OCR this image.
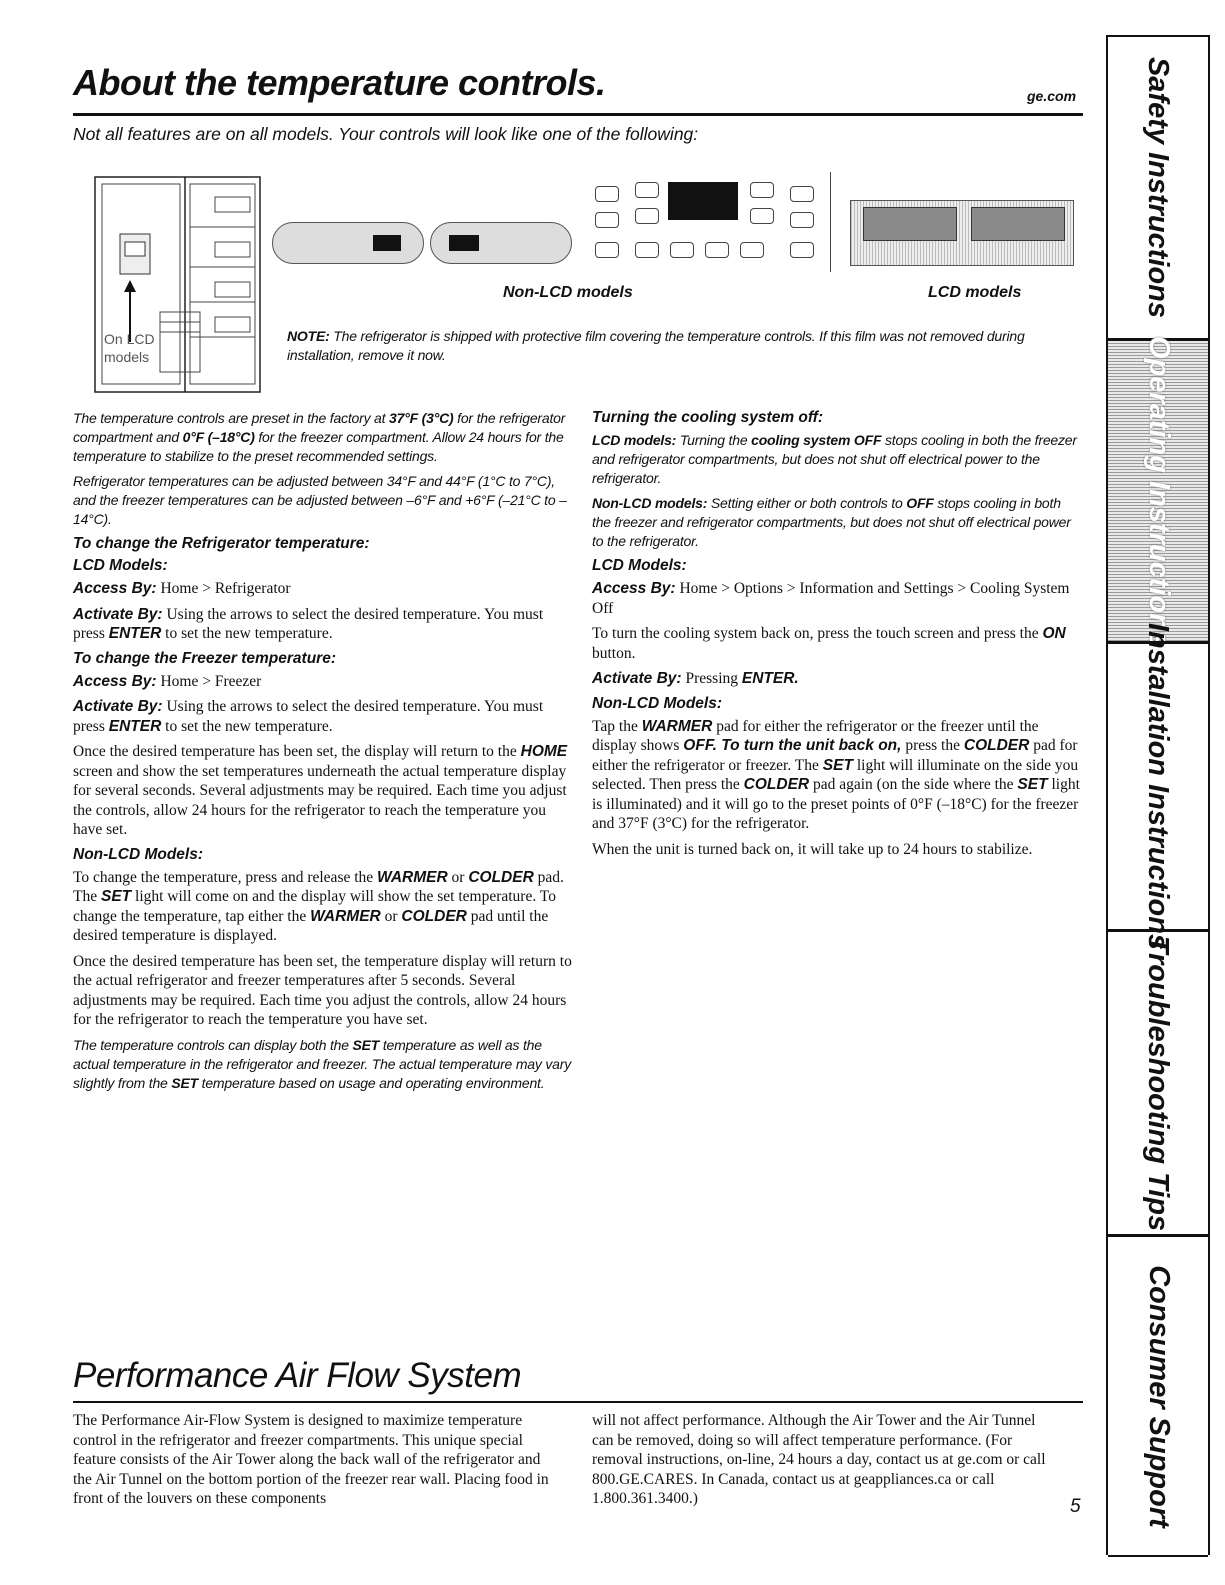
About the temperature controls.	ge.com
Not all features are on all models. Your controls will look like one of the following:
On LCD
models
Non-LCD models	LCD models
NOTE: The refrigerator is shipped with protective film covering the temperature controls. If this film was not removed during installation, remove it now.

The temperature controls are preset in the factory at 37°F (3°C) for the refrigerator compartment and 0°F (–18°C) for the freezer compartment. Allow 24 hours for the temperature to stabilize to the preset recommended settings.

Refrigerator temperatures can be adjusted between 34°F and 44°F (1°C to 7°C), and the freezer temperatures can be adjusted between –6°F and +6°F (–21°C to –14°C).

To change the Refrigerator temperature:
LCD Models:

Access By: Home > Refrigerator

Activate By: Using the arrows to select the desired temperature. You must press ENTER to set the new temperature.

To change the Freezer temperature:

Access By: Home > Freezer

Activate By: Using the arrows to select the desired temperature. You must press ENTER to set the new temperature.

Once the desired temperature has been set, the display will return to the HOME screen and show the set temperatures underneath the actual temperature display for several seconds. Several adjustments may be required. Each time you adjust the controls, allow 24 hours for the refrigerator to reach the temperature you have set.

Non-LCD Models:

To change the temperature, press and release the WARMER or COLDER pad. The SET light will come on and the display will show the set temperature. To change the temperature, tap either the WARMER or COLDER pad until the desired temperature is displayed.

Once the desired temperature has been set, the temperature display will return to the actual refrigerator and freezer temperatures after 5 seconds. Several adjustments may be required. Each time you adjust the controls, allow 24 hours for the refrigerator to reach the temperature you have set.

The temperature controls can display both the SET temperature as well as the actual temperature in the refrigerator and freezer. The actual temperature may vary slightly from the SET temperature based on usage and operating environment.

Turning the cooling system off:

LCD models: Turning the cooling system OFF stops cooling in both the freezer and refrigerator compartments, but does not shut off electrical power to the refrigerator.

Non-LCD models: Setting either or both controls to OFF stops cooling in both the freezer and refrigerator compartments, but does not shut off electrical power to the refrigerator.

LCD Models:

Access By: Home > Options > Information and Settings > Cooling System Off

To turn the cooling system back on, press the touch screen and press the ON button.

Activate By: Pressing ENTER.

Non-LCD Models:

Tap the WARMER pad for either the refrigerator or the freezer until the display shows OFF. To turn the unit back on, press the COLDER pad for either the refrigerator or freezer. The SET light will illuminate on the side you selected. Then press the COLDER pad again (on the side where the SET light is illuminated) and it will go to the preset points of 0°F (–18°C) for the freezer and 37°F (3°C) for the refrigerator.

When the unit is turned back on, it will take up to 24 hours to stabilize.

Performance Air Flow System
The Performance Air-Flow System is designed to maximize temperature control in the refrigerator and freezer compartments. This unique special feature consists of the Air Tower along the back wall of the refrigerator and the Air Tunnel on the bottom portion of the freezer rear wall. Placing food in front of the louvers on these components
will not affect performance. Although the Air Tower and the Air Tunnel can be removed, doing so will affect temperature performance. (For removal instructions, on-line, 24 hours a day, contact us at ge.com or call 800.GE.CARES. In Canada, contact us at geappliances.ca or call 1.800.361.3400.)	5
Safety Instructions
Operating Instructions
Installation Instructions
Troubleshooting Tips
Consumer Support
